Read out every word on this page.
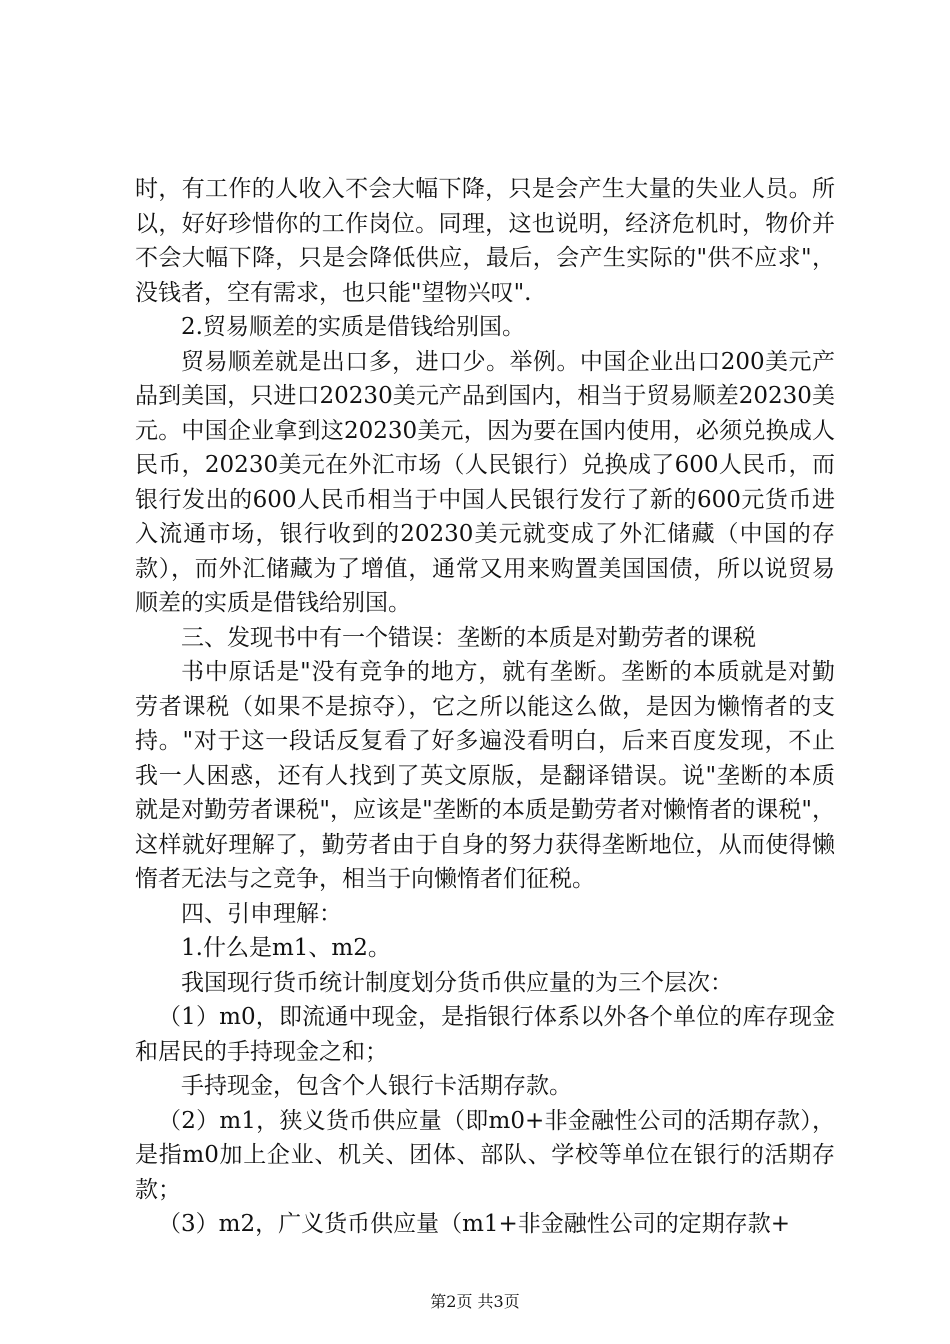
时，有工作的人收入不会大幅下降，只是会产生大量的失业人员。所以，好好珍惜你的工作岗位。同理，这也说明，经济危机时，物价并不会大幅下降，只是会降低供应，最后，会产生实际的"供不应求"，没钱者，空有需求，也只能"望物兴叹".

2.贸易顺差的实质是借钱给别国。

贸易顺差就是出口多，进口少。举例。中国企业出口200美元产品到美国，只进口20230美元产品到国内，相当于贸易顺差20230美元。中国企业拿到这20230美元，因为要在国内使用，必须兑换成人民币，20230美元在外汇市场（人民银行）兑换成了600人民币，而银行发出的600人民币相当于中国人民银行发行了新的600元货币进入流通市场，银行收到的20230美元就变成了外汇储藏（中国的存款），而外汇储藏为了增值，通常又用来购置美国国债，所以说贸易顺差的实质是借钱给别国。

三、发现书中有一个错误：垄断的本质是对勤劳者的课税

书中原话是"没有竞争的地方，就有垄断。垄断的本质就是对勤劳者课税（如果不是掠夺），它之所以能这么做，是因为懒惰者的支持。"对于这一段话反复看了好多遍没看明白，后来百度发现，不止我一人困惑，还有人找到了英文原版，是翻译错误。说"垄断的本质就是对勤劳者课税"，应该是"垄断的本质是勤劳者对懒惰者的课税"，这样就好理解了，勤劳者由于自身的努力获得垄断地位，从而使得懒惰者无法与之竞争，相当于向懒惰者们征税。

四、引申理解：

1.什么是m1、m2。

我国现行货币统计制度划分货币供应量的为三个层次：

（1）m0，即流通中现金，是指银行体系以外各个单位的库存现金和居民的手持现金之和；

手持现金，包含个人银行卡活期存款。

（2）m1，狭义货币供应量（即m0+非金融性公司的活期存款），是指m0加上企业、机关、团体、部队、学校等单位在银行的活期存款；

（3）m2，广义货币供应量（m1+非金融性公司的定期存款+

第2页 共3页
